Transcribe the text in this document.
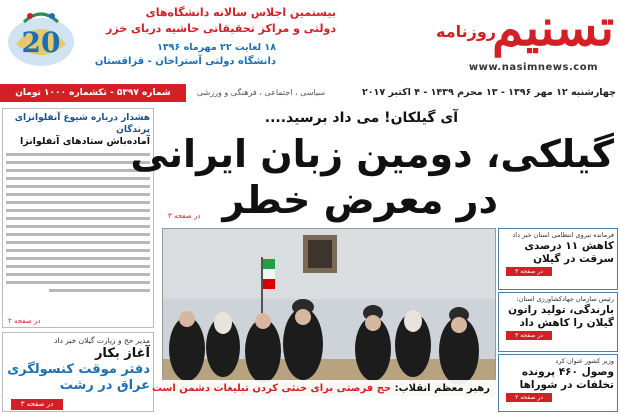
روزنامه
تسنیم
www.nasimnews.com
20
بیستمین اجلاس سالانه دانشگاه‌های
دولتی و مراکز تحقیقاتی حاشیه دریای خزر
۱۸ لغایت ۲۲ مهرماه ۱۳۹۶
دانشگاه دولتی آستراخان - قزاقستان
چهارشنبه ۱۲ مهر ۱۳۹۶ - ۱۳ محرم ۱۴۳۹ - ۴ اکتبر ۲۰۱۷
سیاسی ، اجتماعی ، فرهنگی و ورزشی
شماره ۵۳۹۷ - تکشماره ۱۰۰۰ تومان
هشدار درباره شیوع آنفلوانزای پرندگان
آماده‌باش ستادهای آنفلوانزا
در صفحه ۲
مدیر حج و زیارت گیلان خبر داد
آغاز بکار
دفتر موقت کنسولگری
عراق در رشت
در صفحه ۳
آی گیلکان! می داد برسید....
گیلکی، دومین زبان ایرانی
در معرض خطر
در صفحه ۳
رهبر معظم انقلاب: حج فرصتی برای خنثی کردن تبلیغات دشمن است
فرمانده نیروی انتظامی استان خبر داد
کاهش ۱۱ درصدی
سرقت در گیلان
در صفحه ۳
رئیس سازمان جهادکشاورزی استان:
بارندگی، تولید راتون
گیلان را کاهش داد
در صفحه ۳
وزیر کشور عنوان کرد
وصول ۴۶۰ پرونده
تخلفات در شوراها
در صفحه ۲
